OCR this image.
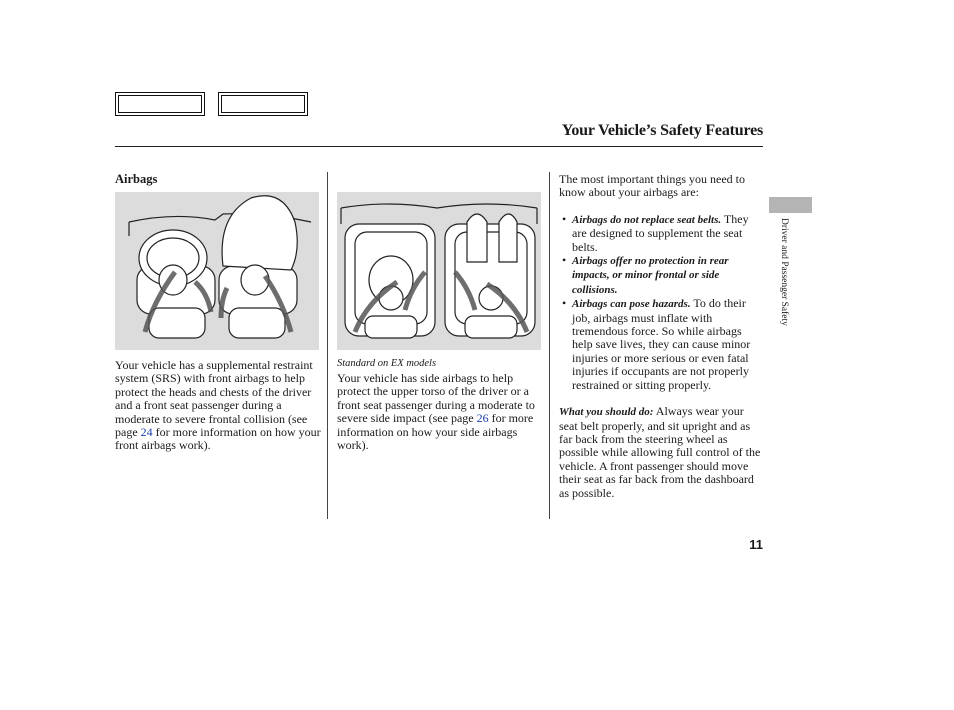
Your Vehicle’s Safety Features
Airbags
Your vehicle has a supplemental restraint system (SRS) with front airbags to help protect the heads and chests of the driver and a front seat passenger during a moderate to severe frontal collision (see page 24 for more information on how your front airbags work).
Standard on EX models
Your vehicle has side airbags to help protect the upper torso of the driver or a front seat passenger during a moderate to severe side impact (see page 26 for more information on how your side airbags work).

The most important things you need to know about your airbags are:

• Airbags do not replace seat belts. They are designed to supplement the seat belts.
• Airbags offer no protection in rear impacts, or minor frontal or side collisions.
• Airbags can pose hazards. To do their job, airbags must inflate with tremendous force. So while airbags help save lives, they can cause minor injuries or more serious or even fatal injuries if occupants are not properly restrained or sitting properly.

What you should do: Always wear your seat belt properly, and sit upright and as far back from the steering wheel as possible while allowing full control of the vehicle. A front passenger should move their seat as far back from the dashboard as possible.

Driver and Passenger Safety
11
